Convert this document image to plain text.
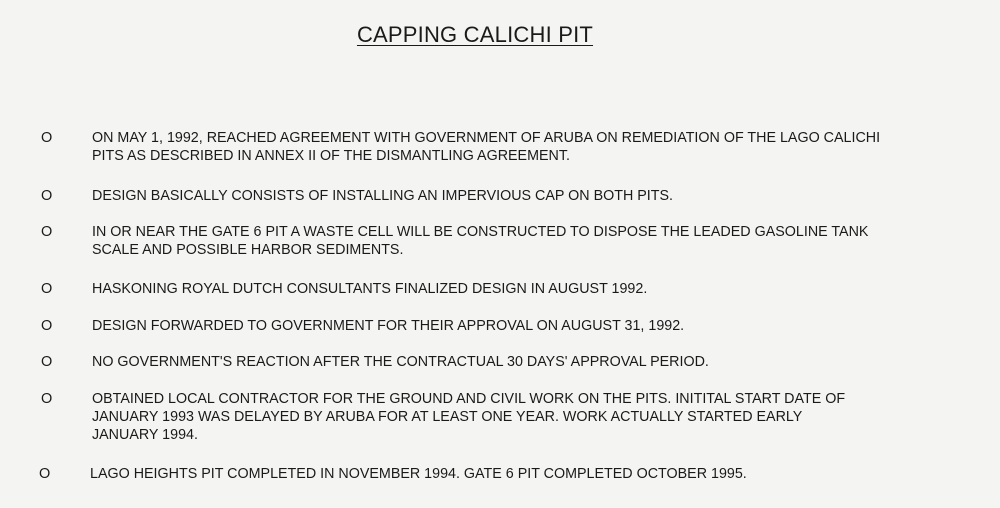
CAPPING CALICHI PIT
O	ON MAY 1, 1992, REACHED AGREEMENT WITH GOVERNMENT OF ARUBA ON REMEDIATION OF THE LAGO CALICHI
PITS AS DESCRIBED IN ANNEX II OF THE DISMANTLING AGREEMENT.
O	DESIGN BASICALLY CONSISTS OF INSTALLING AN IMPERVIOUS CAP ON BOTH PITS.
O	IN OR NEAR THE GATE 6 PIT A WASTE CELL WILL BE CONSTRUCTED TO DISPOSE THE LEADED GASOLINE TANK
SCALE AND POSSIBLE HARBOR SEDIMENTS.
O	HASKONING ROYAL DUTCH CONSULTANTS FINALIZED DESIGN IN AUGUST 1992.
O	DESIGN FORWARDED TO GOVERNMENT FOR THEIR APPROVAL ON AUGUST 31, 1992.
O	NO GOVERNMENT'S REACTION AFTER THE CONTRACTUAL 30 DAYS' APPROVAL PERIOD.
O	OBTAINED LOCAL CONTRACTOR FOR THE GROUND AND CIVIL WORK ON THE PITS. INITITAL START DATE OF
JANUARY 1993 WAS DELAYED BY ARUBA FOR AT LEAST ONE YEAR. WORK ACTUALLY STARTED EARLY
JANUARY 1994.
O	LAGO HEIGHTS PIT COMPLETED IN NOVEMBER 1994. GATE 6 PIT COMPLETED OCTOBER 1995.
